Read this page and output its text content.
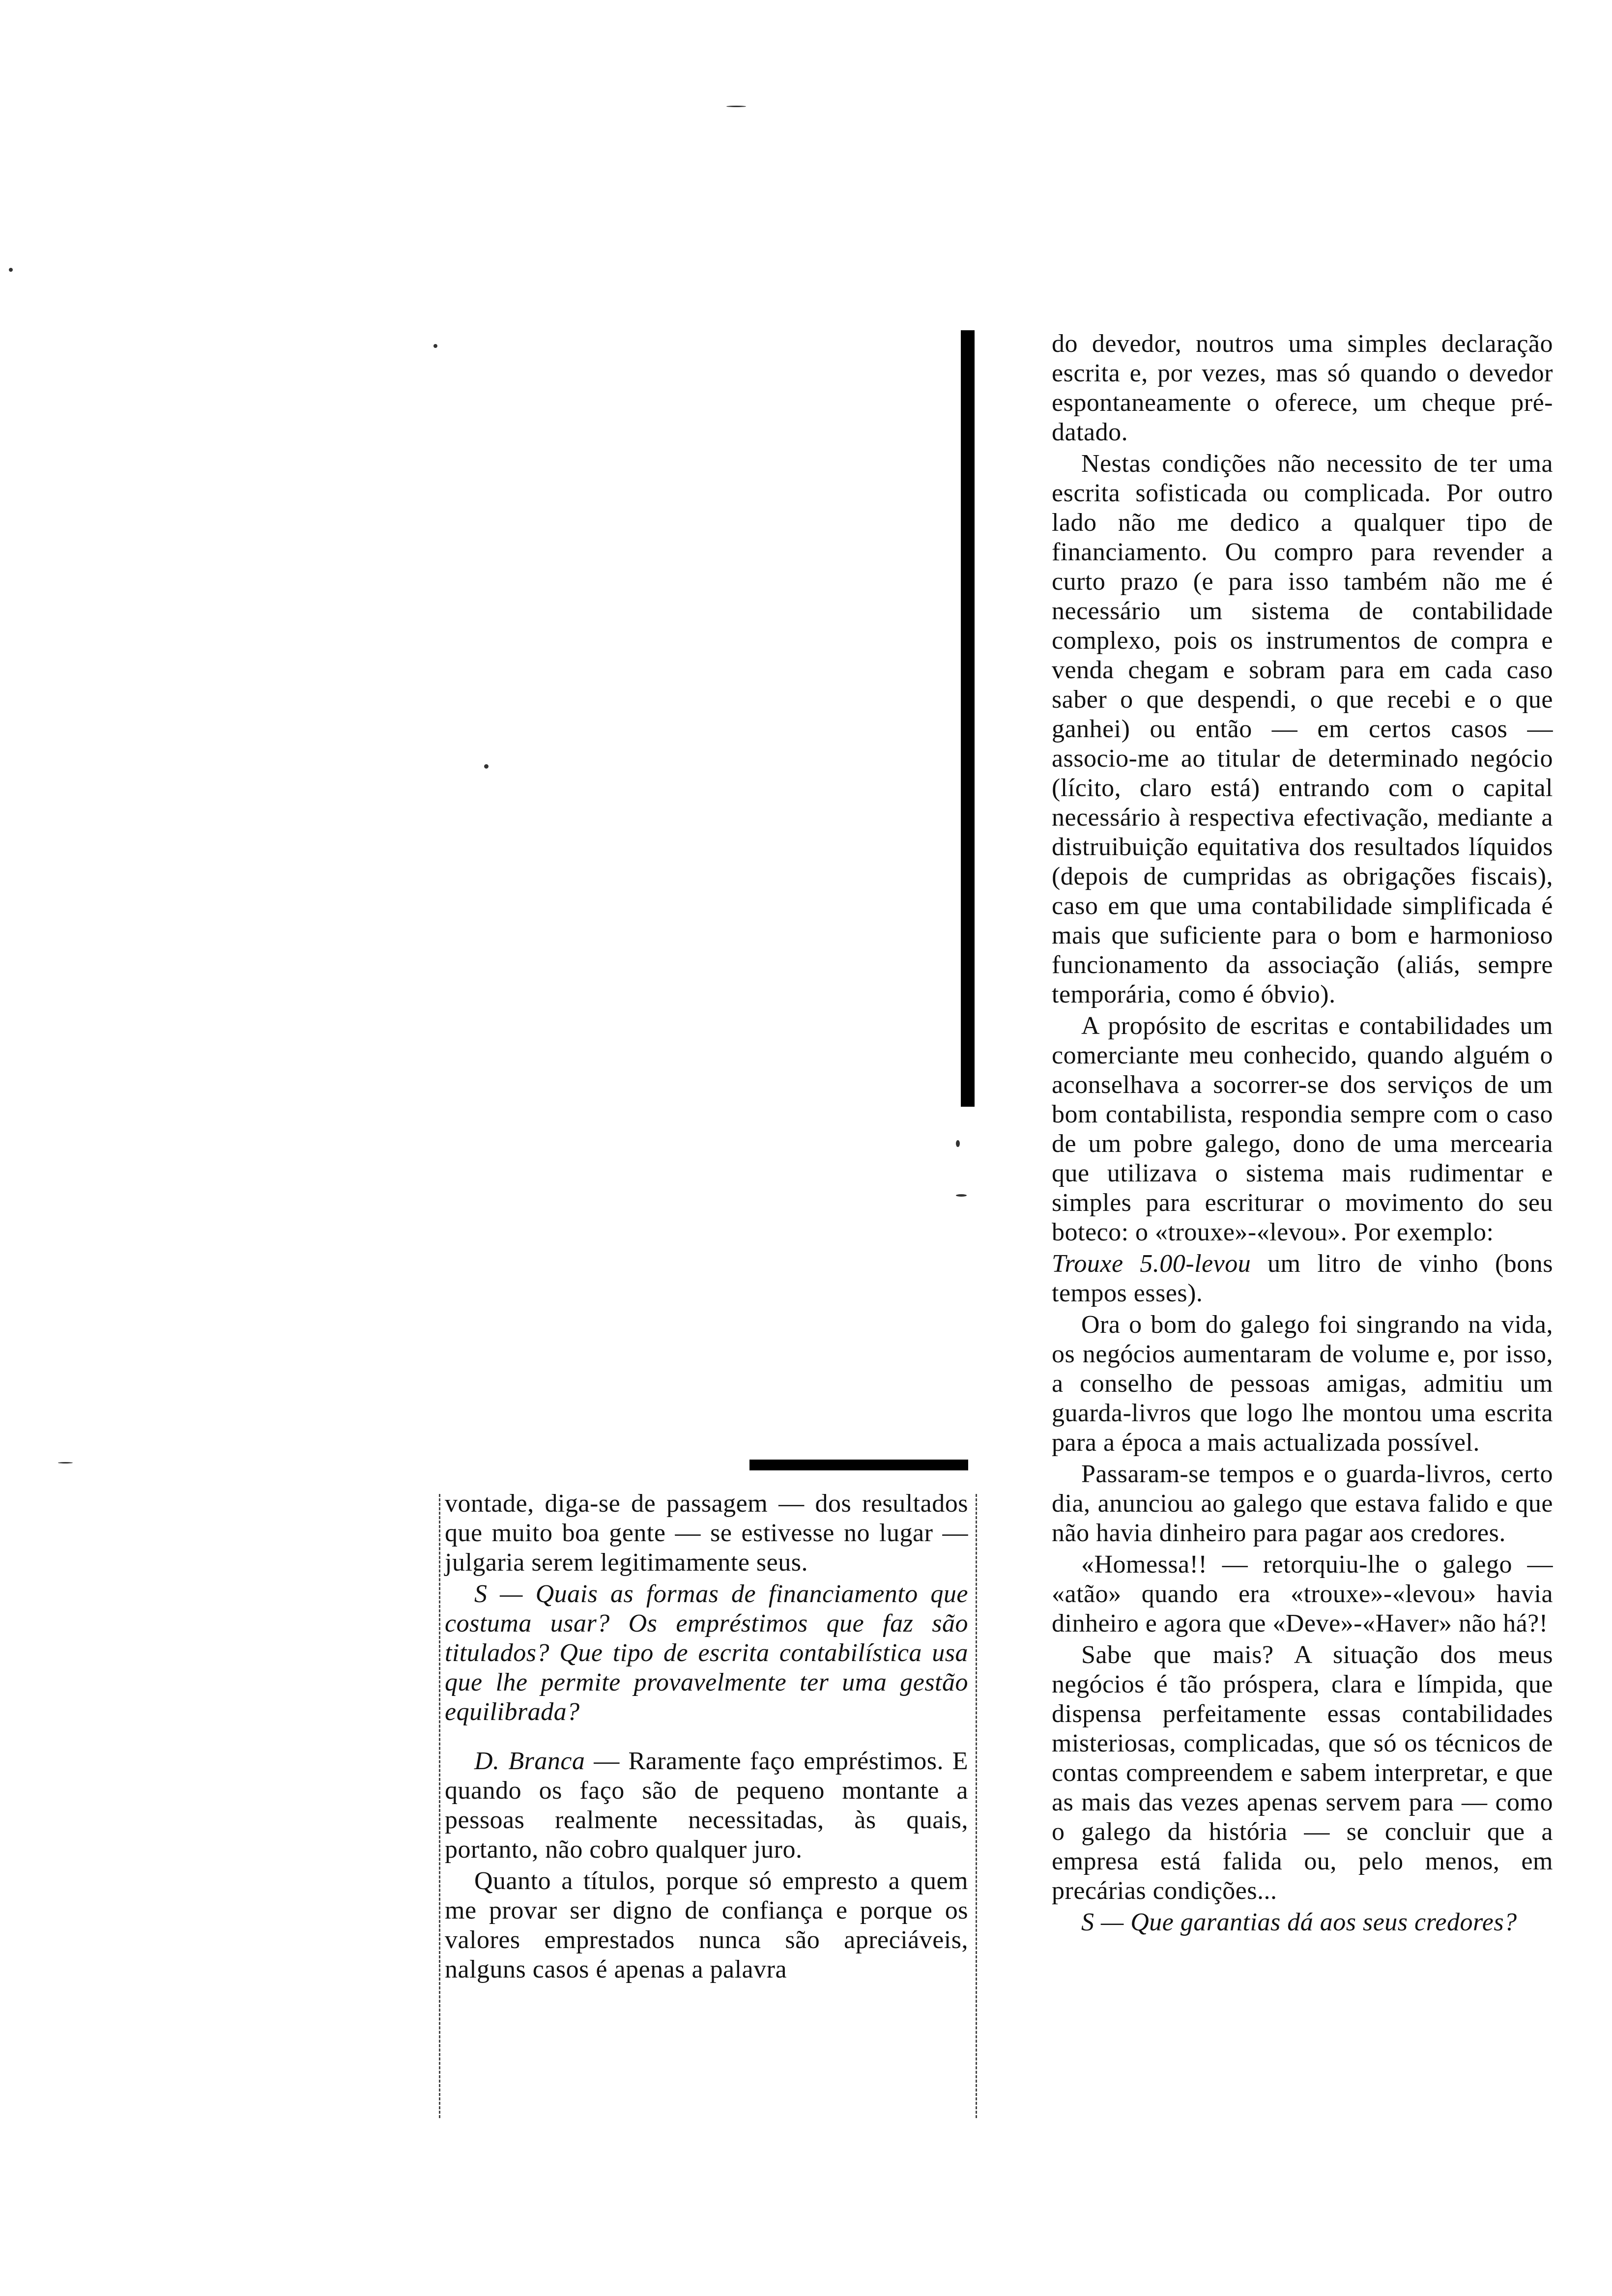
do devedor, noutros uma simples declaração escrita e, por vezes, mas só quando o devedor espontaneamente o oferece, um cheque pré-datado.

Nestas condições não necessito de ter uma escrita sofisticada ou complicada. Por outro lado não me dedico a qualquer tipo de financiamento. Ou compro para revender a curto prazo (e para isso também não me é necessário um sistema de contabilidade complexo, pois os instrumentos de compra e venda chegam e sobram para em cada caso saber o que despendi, o que recebi e o que ganhei) ou então — em certos casos — associo-me ao titular de determinado negócio (lícito, claro está) entrando com o capital necessário à respectiva efectivação, mediante a distruibuição equitativa dos resultados líquidos (depois de cumpridas as obrigações fiscais), caso em que uma contabilidade simplificada é mais que suficiente para o bom e harmonioso funcionamento da associação (aliás, sempre temporária, como é óbvio).

A propósito de escritas e contabilidades um comerciante meu conhecido, quando alguém o aconselhava a socorrer-se dos serviços de um bom contabilista, respondia sempre com o caso de um pobre galego, dono de uma mercearia que utilizava o sistema mais rudimentar e simples para escriturar o movimento do seu boteco: o «trouxe»-«levou». Por exemplo:

Trouxe 5.00-levou um litro de vinho (bons tempos esses).

Ora o bom do galego foi singrando na vida, os negócios aumentaram de volume e, por isso, a conselho de pessoas amigas, admitiu um guarda-livros que logo lhe montou uma escrita para a época a mais actualizada possível.

Passaram-se tempos e o guarda-livros, certo dia, anunciou ao galego que estava falido e que não havia dinheiro para pagar aos credores.

«Homessa!! — retorquiu-lhe o galego — «atão» quando era «trouxe»-«levou» havia dinheiro e agora que «Deve»-«Haver» não há?!

Sabe que mais? A situação dos meus negócios é tão próspera, clara e límpida, que dispensa perfeitamente essas contabilidades misteriosas, complicadas, que só os técnicos de contas compreendem e sabem interpretar, e que as mais das vezes apenas servem para — como o galego da história — se concluir que a empresa está falida ou, pelo menos, em precárias condições...

S — Que garantias dá aos seus credores?

vontade, diga-se de passagem — dos resultados que muito boa gente — se estivesse no lugar — julgaria serem legitimamente seus.

S — Quais as formas de financiamento que costuma usar? Os empréstimos que faz são titulados? Que tipo de escrita contabilística usa que lhe permite provavelmente ter uma gestão equilibrada?

D. Branca — Raramente faço empréstimos. E quando os faço são de pequeno montante a pessoas realmente necessitadas, às quais, portanto, não cobro qualquer juro.

Quanto a títulos, porque só empresto a quem me provar ser digno de confiança e porque os valores emprestados nunca são apreciáveis, nalguns casos é apenas a palavra
